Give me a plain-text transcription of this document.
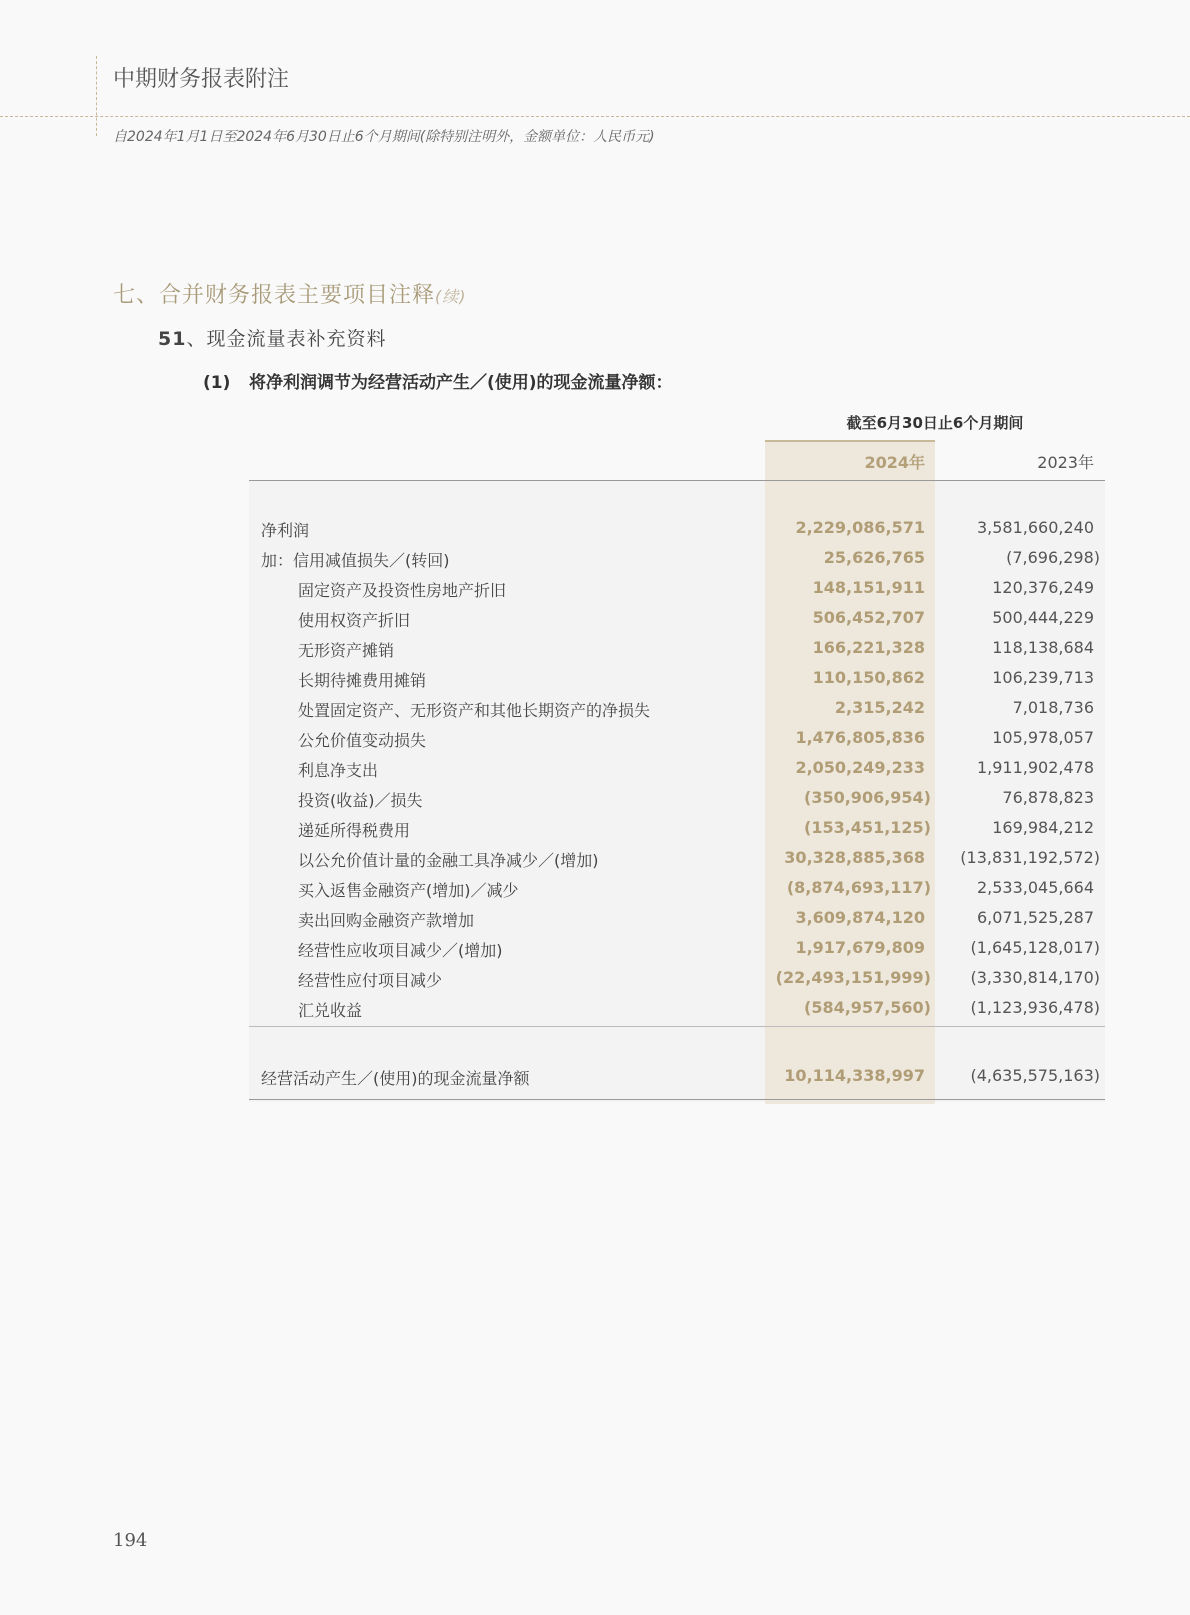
中期财务报表附注
自2024年1月1日至2024年6月30日止6个月期间(除特别注明外，金额单位：人民币元)
七、合并财务报表主要项目注释(续)
51、现金流量表补充资料
(1) 将净利润调节为经营活动产生／(使用)的现金流量净额：
截至6月30日止6个月期间
2024年	2023年
净利润	2,229,086,571	3,581,660,240
加：信用减值损失／(转回)	25,626,765	(7,696,298)
固定资产及投资性房地产折旧	148,151,911	120,376,249
使用权资产折旧	506,452,707	500,444,229
无形资产摊销	166,221,328	118,138,684
长期待摊费用摊销	110,150,862	106,239,713
处置固定资产、无形资产和其他长期资产的净损失	2,315,242	7,018,736
公允价值变动损失	1,476,805,836	105,978,057
利息净支出	2,050,249,233	1,911,902,478
投资(收益)／损失	(350,906,954)	76,878,823
递延所得税费用	(153,451,125)	169,984,212
以公允价值计量的金融工具净减少／(增加)	30,328,885,368	(13,831,192,572)
买入返售金融资产(增加)／减少	(8,874,693,117)	2,533,045,664
卖出回购金融资产款增加	3,609,874,120	6,071,525,287
经营性应收项目减少／(增加)	1,917,679,809	(1,645,128,017)
经营性应付项目减少	(22,493,151,999)	(3,330,814,170)
汇兑收益	(584,957,560)	(1,123,936,478)
经营活动产生／(使用)的现金流量净额	10,114,338,997	(4,635,575,163)
194
